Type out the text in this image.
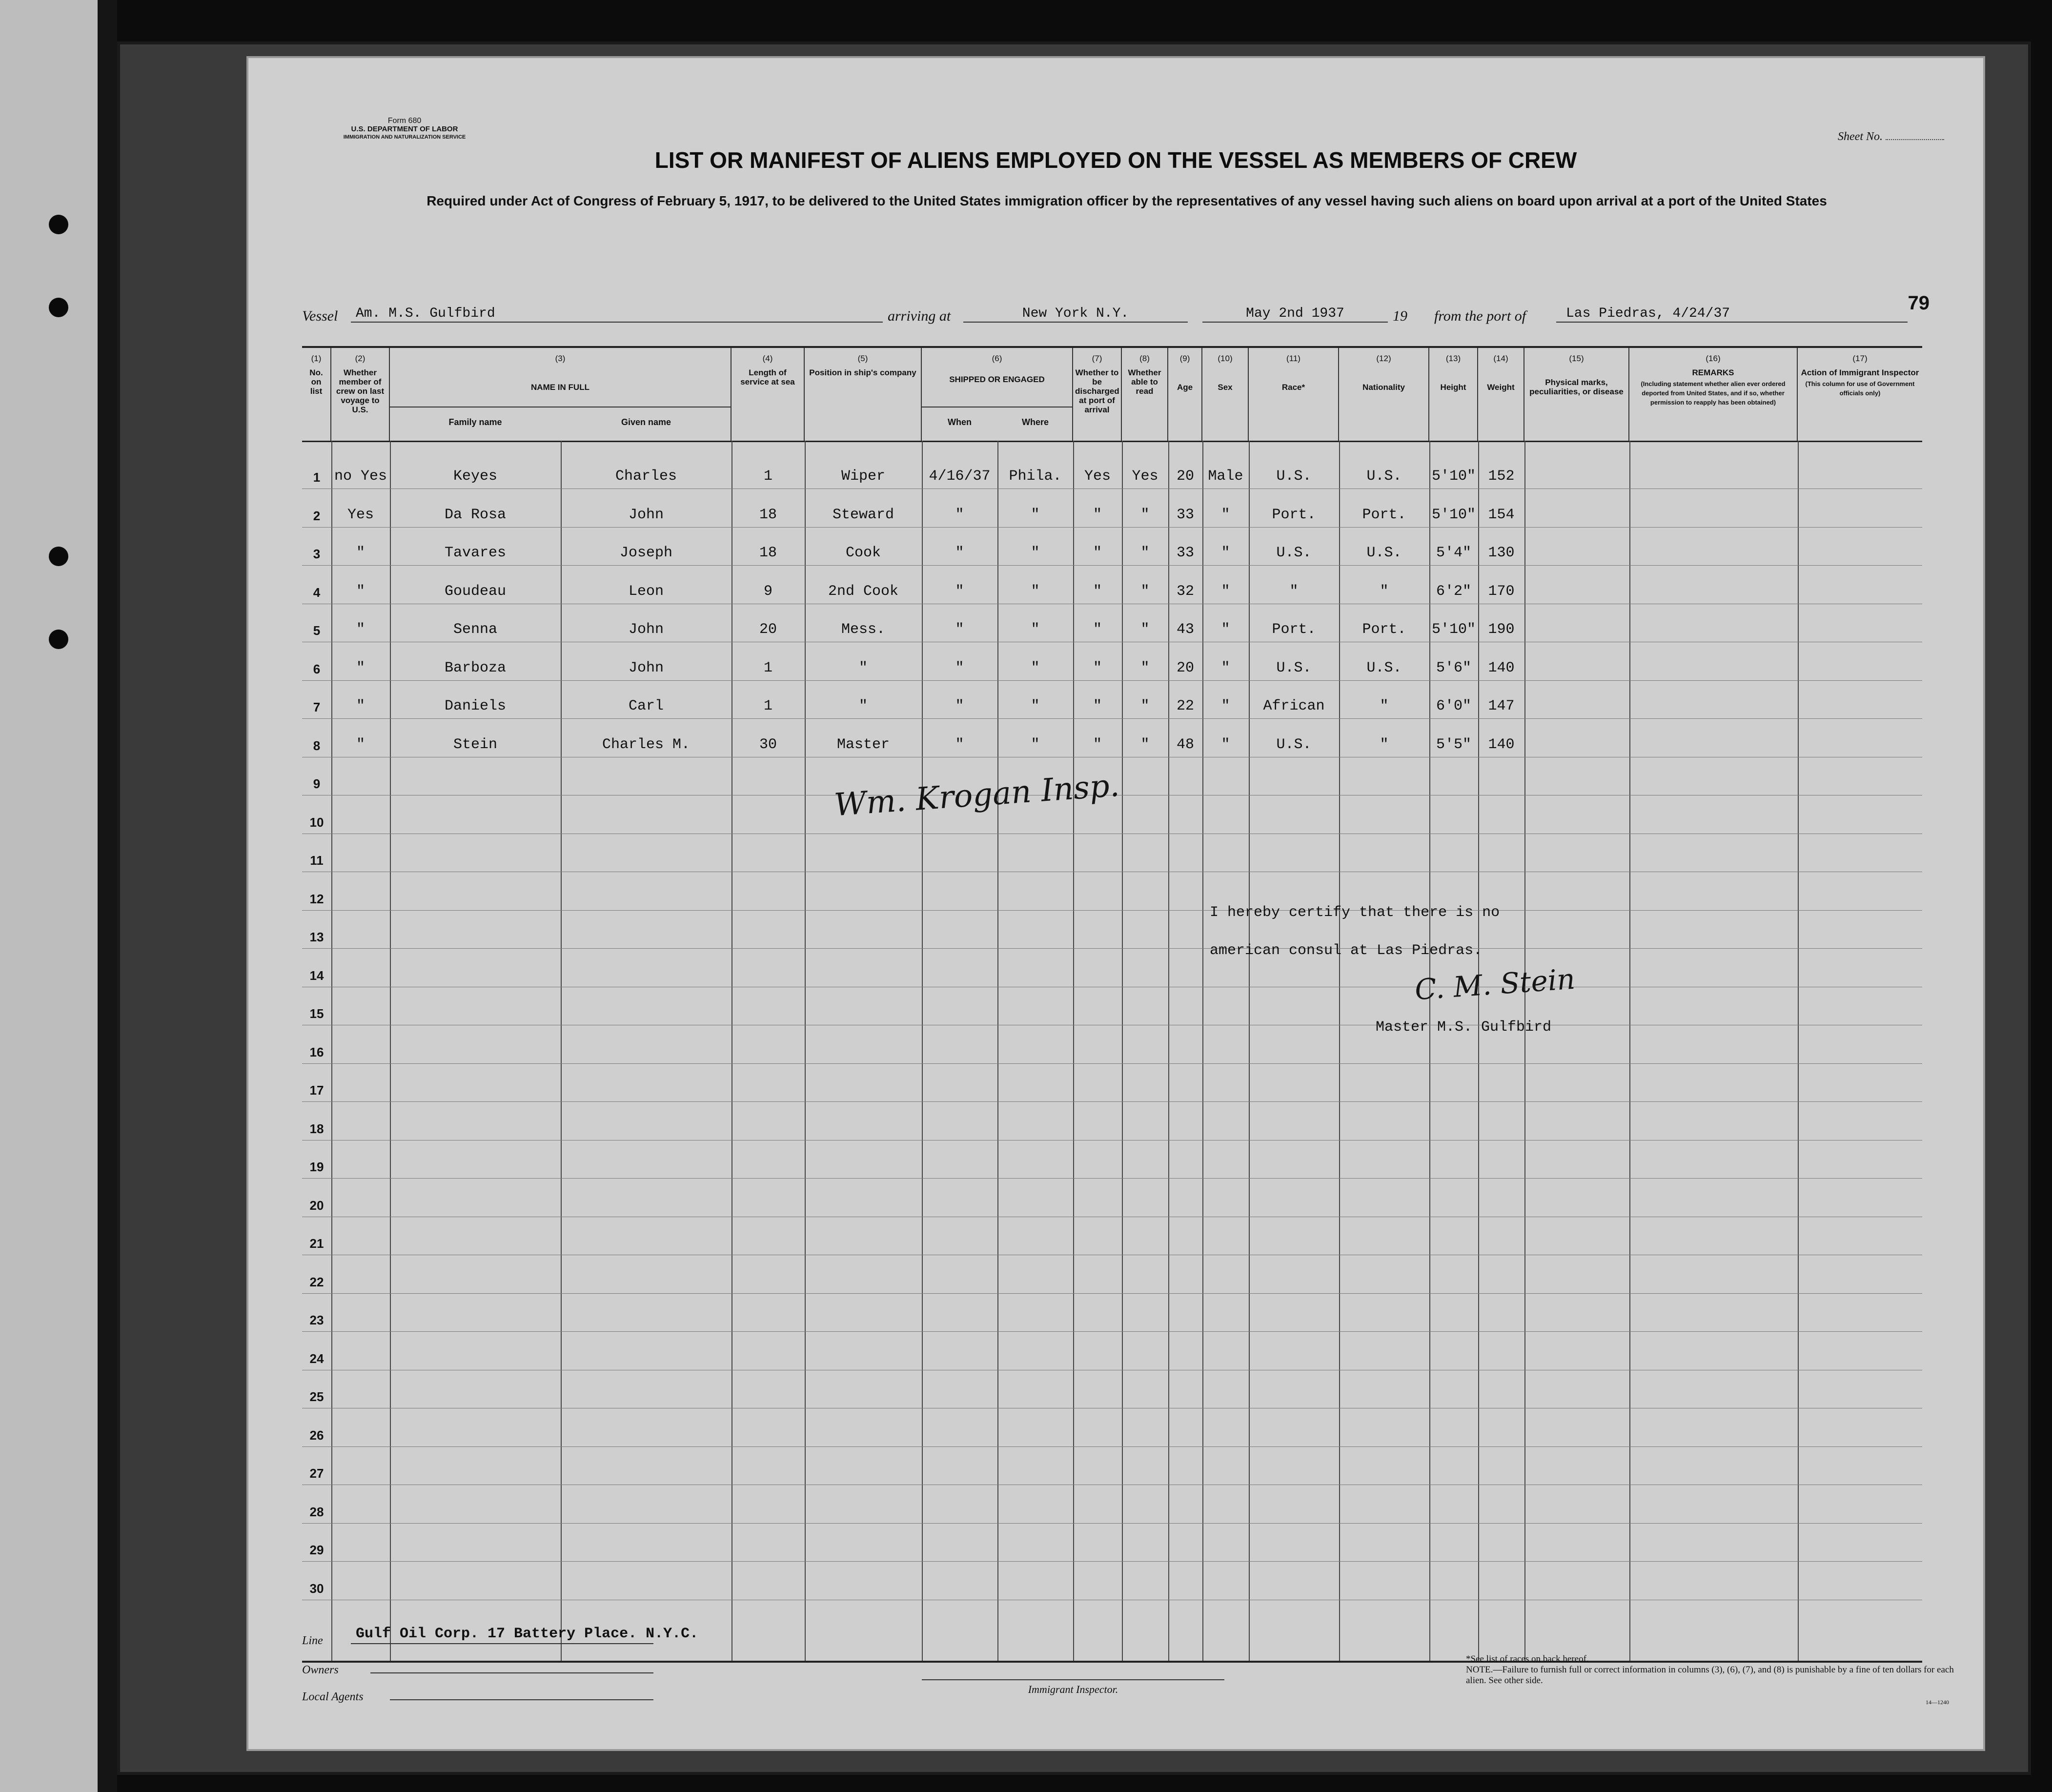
Form 680
U.S. DEPARTMENT OF LABOR
IMMIGRATION AND NATURALIZATION SERVICE	Sheet No.
LIST OR MANIFEST OF ALIENS EMPLOYED ON THE VESSEL AS MEMBERS OF CREW
Required under Act of Congress of February 5, 1917, to be delivered to the United States immigration officer by the representatives of any vessel having such aliens on board upon arrival at a port of the United States
Vessel	Am. M.S. Gulfbird	arriving at	New York N.Y.	May 2nd 1937	19 from the port of	Las Piedras, 4/24/37	79
(1)
No. on list
(2)
Whether member of crew on last voyage to U.S.
(3)
NAME IN FULL
(4)
Length of service at sea
(5)
Position in ship's company
(6)
SHIPPED OR ENGAGED
(7)
Whether to be discharged at port of arrival
(8)
Whether able to read
(9)
Age
(10)
Sex
(11)
Race*
(12)
Nationality
(13)
Height
(14)
Weight
(15)
Physical marks, peculiarities, or disease
(16)
REMARKS
(Including statement whether alien ever ordered deported from United States, and if so, whether permission to reapply has been obtained)
(17)
Action of Immigrant Inspector
(This column for use of Government officials only)
Family name	Given name	When	Where
1 no Yes	Keyes	Charles	1	Wiper	4/16/37	Phila.	Yes	Yes	20 Male	U.S.	U.S.	5'10" 152
2	Yes	Da Rosa	John	18	Steward	"	"	"	"	33	"	Port.	Port.	5'10" 154
3	"	Tavares	Joseph	18	Cook	"	"	"	"	33	"	U.S.	U.S.	5'4"	130
4	"	Goudeau	Leon	9	2nd Cook	"	"	"	"	32	"	"	"	6'2"	170
5	"	Senna	John	20	Mess.	"	"	"	"	43	"	Port.	Port.	5'10" 190
6	"	Barboza	John	1	"	"	"	"	"	20	"	U.S.	U.S.	5'6"	140
7	"	Daniels	Carl	1	"	"	"	"	"	22	"	African	"	6'0"	147
8	"	Stein	Charles M.	30	Master	"	"	"	"	48	"	U.S.	"	5'5"	140
9
10
11
12
13
14
15
16
17
18
19
20
21
22
23
24
25
26
27
28
29
30
Wm. Krogan Insp.
I hereby certify that there is no
american consul at Las Piedras.
C. M. Stein
Master M.S. Gulfbird
Line Gulf Oil Corp. 17 Battery Place. N.Y.C.
Owners
Local Agents
Immigrant Inspector.
*See list of races on back hereof.
NOTE.—Failure to furnish full or correct information in columns (3), (6), (7), and (8) is punishable by a fine of ten dollars for each alien. See other side.
14—1240
